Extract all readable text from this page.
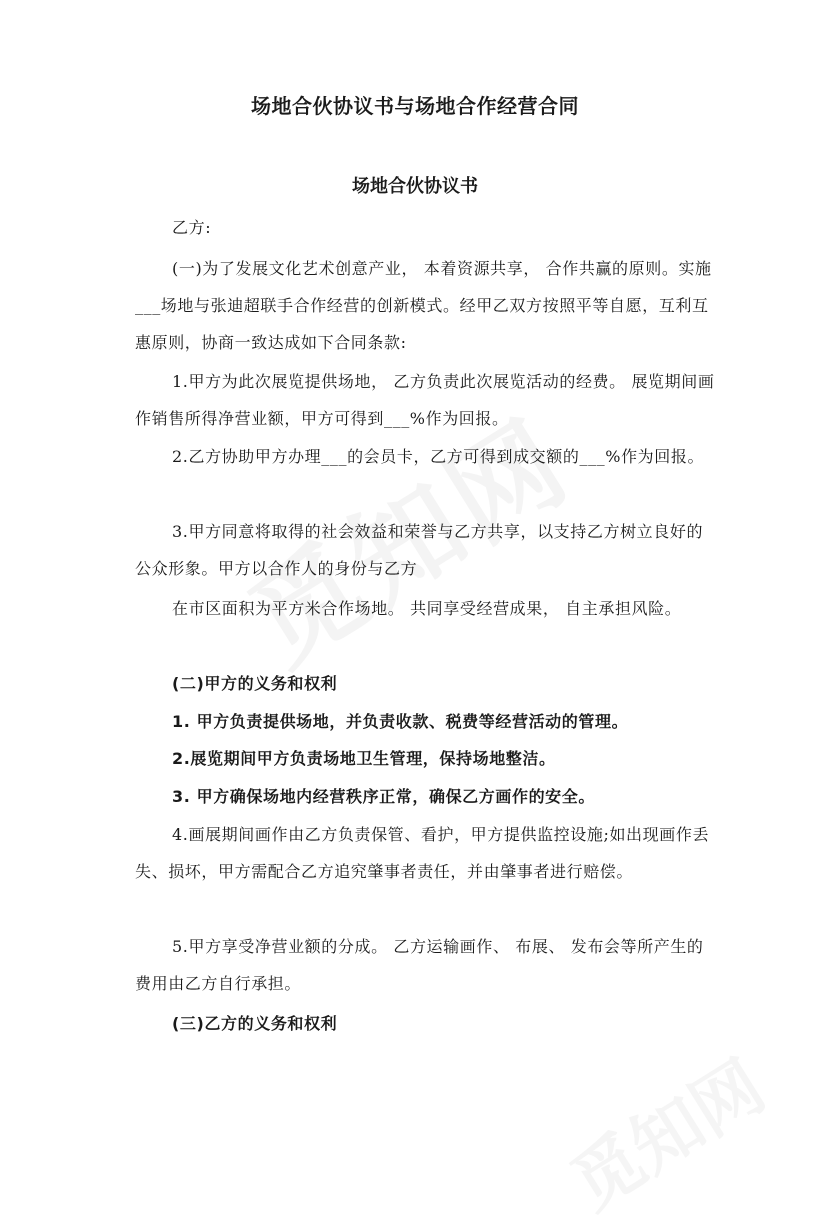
场地合伙协议书与场地合作经营合同
场地合伙协议书

乙方:

(一)为了发展文化艺术创意产业， 本着资源共享， 合作共赢的原则。实施___场地与张迪超联手合作经营的创新模式。经甲乙双方按照平等自愿，互利互惠原则，协商一致达成如下合同条款:

1.甲方为此次展览提供场地， 乙方负责此次展览活动的经费。 展览期间画作销售所得净营业额，甲方可得到___%作为回报。

2.乙方协助甲方办理___的会员卡，乙方可得到成交额的___%作为回报。

3.甲方同意将取得的社会效益和荣誉与乙方共享，以支持乙方树立良好的公众形象。甲方以合作人的身份与乙方

在市区面积为平方米合作场地。 共同享受经营成果， 自主承担风险。

(二)甲方的义务和权利

1. 甲方负责提供场地，并负责收款、税费等经营活动的管理。

2.展览期间甲方负责场地卫生管理，保持场地整洁。

3. 甲方确保场地内经营秩序正常，确保乙方画作的安全。

4.画展期间画作由乙方负责保管、看护，甲方提供监控设施;如出现画作丢失、损坏，甲方需配合乙方追究肇事者责任，并由肇事者进行赔偿。

5.甲方享受净营业额的分成。 乙方运输画作、 布展、 发布会等所产生的费用由乙方自行承担。

(三)乙方的义务和权利
